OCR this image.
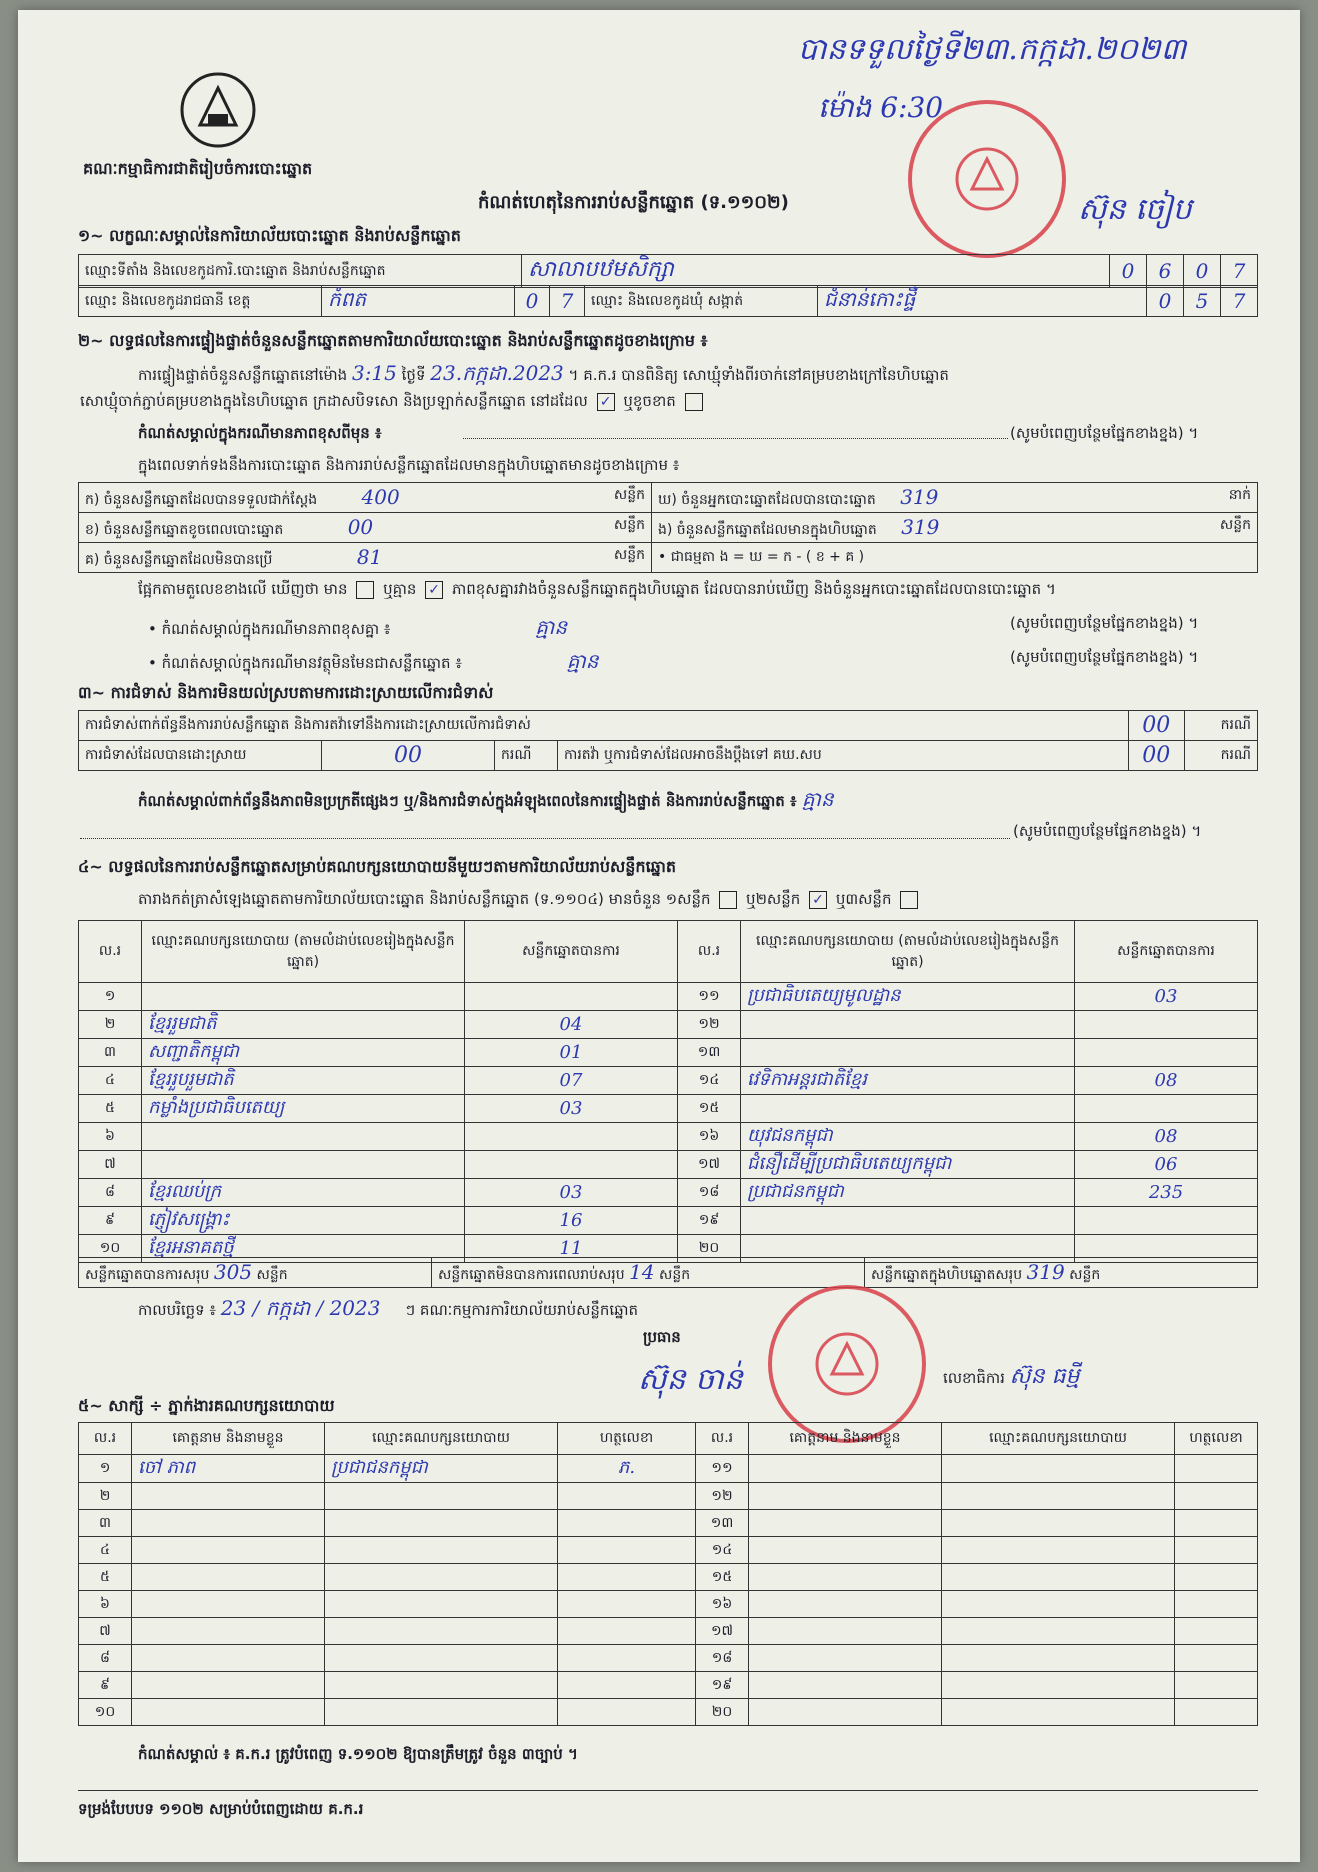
បានទទួលថ្ងៃទី២៣.កក្កដា.២០២៣
ម៉ោង 6:30
ស៊ុន ចៀប
គណៈកម្មាធិការជាតិរៀបចំការបោះឆ្នោត
កំណត់ហេតុនៃការរាប់សន្លឹកឆ្នោត (ទ.១១០២)
១~ លក្ខណៈសម្គាល់នៃការិយាល័យបោះឆ្នោត និងរាប់សន្លឹកឆ្នោត
ឈ្មោះទីតាំង និងលេខកូដការិ.បោះឆ្នោត និងរាប់សន្លឹកឆ្នោត	សាលាបឋមសិក្សា	0	6	0	7
ឈ្មោះ និងលេខកូដរាជធានី ខេត្ត	កំពត	0	7	ឈ្មោះ និងលេខកូដឃុំ សង្កាត់	ជំនាន់កោះផ្ទឺ	0	5	7
២~ លទ្ធផលនៃការផ្ទៀងផ្ទាត់ចំនួនសន្លឹកឆ្នោតតាមការិយាល័យបោះឆ្នោត និងរាប់សន្លឹកឆ្នោតដូចខាងក្រោម ៖
ការផ្ទៀងផ្ទាត់ចំនួនសន្លឹកឆ្នោតនៅម៉ោង 3:15 ថ្ងៃទី 23.កក្កដា.2023 ។ គ.ក.រ បានពិនិត្យ សោឃ្មុំទាំងពីរចាក់នៅគម្របខាងក្រៅនៃហិបឆ្នោត
សោឃ្មុំចាក់ភ្ជាប់គម្របខាងក្នុងនៃហិបឆ្នោត ក្រដាសបិទសោ និងប្រឡាក់សន្លឹកឆ្នោត នៅដដែល ✓ ឬខូចខាត
កំណត់សម្គាល់ក្នុងករណីមានភាពខុសពីមុន ៖	(សូមបំពេញបន្ថែមផ្នែកខាងខ្នង) ។
ក្នុងពេលទាក់ទងនឹងការបោះឆ្នោត និងការរាប់សន្លឹកឆ្នោតដែលមានក្នុងហិបឆ្នោតមានដូចខាងក្រោម ៖
ក) ចំនួនសន្លឹកឆ្នោតដែលបានទទួលជាក់ស្តែង 400 សន្លឹក	ឃ) ចំនួនអ្នកបោះឆ្នោតដែលបានបោះឆ្នោត 319 នាក់

ខ) ចំនួនសន្លឹកឆ្នោតខូចពេលបោះឆ្នោត 00 សន្លឹក	ង) ចំនួនសន្លឹកឆ្នោតដែលមានក្នុងហិបឆ្នោត 319 សន្លឹក

គ) ចំនួនសន្លឹកឆ្នោតដែលមិនបានប្រើ 81 សន្លឹក	• ជាធម្មតា ង = ឃ = ក - ( ខ + គ )
ផ្អែកតាមតួលេខខាងលើ ឃើញថា មាន ឬគ្មាន ✓ ភាពខុសគ្នារវាងចំនួនសន្លឹកឆ្នោតក្នុងហិបឆ្នោត ដែលបានរាប់ឃើញ និងចំនួនអ្នកបោះឆ្នោតដែលបានបោះឆ្នោត ។
• កំណត់សម្គាល់ក្នុងករណីមានភាពខុសគ្នា ៖	គ្មាន	(សូមបំពេញបន្ថែមផ្នែកខាងខ្នង) ។
• កំណត់សម្គាល់ក្នុងករណីមានវត្ថុមិនមែនជាសន្លឹកឆ្នោត ៖	គ្មាន	(សូមបំពេញបន្ថែមផ្នែកខាងខ្នង) ។
៣~ ការជំទាស់ និងការមិនយល់ស្របតាមការដោះស្រាយលើការជំទាស់
ការជំទាស់ពាក់ព័ន្ធនឹងការរាប់សន្លឹកឆ្នោត និងការតវ៉ាទៅនឹងការដោះស្រាយលើការជំទាស់				00	ករណី
ការជំទាស់ដែលបានដោះស្រាយ	00	ករណី	ការតវ៉ា ឬការជំទាស់ដែលអាចនឹងប្តឹងទៅ គឃ.សប	00	ករណី
កំណត់សម្គាល់ពាក់ព័ន្ធនឹងភាពមិនប្រក្រតីផ្សេងៗ ឬ/និងការជំទាស់ក្នុងអំឡុងពេលនៃការផ្ទៀងផ្ទាត់ និងការរាប់សន្លឹកឆ្នោត ៖ គ្មាន
(សូមបំពេញបន្ថែមផ្នែកខាងខ្នង) ។
៤~ លទ្ធផលនៃការរាប់សន្លឹកឆ្នោតសម្រាប់គណបក្សនយោបាយនីមួយៗតាមការិយាល័យរាប់សន្លឹកឆ្នោត
តារាងកត់ត្រាសំឡេងឆ្នោតតាមការិយាល័យបោះឆ្នោត និងរាប់សន្លឹកឆ្នោត (ទ.១១០៤) មានចំនួន ១សន្លឹក ឬ២សន្លឹក ✓ ឬ៣សន្លឹក
ល.រ	ឈ្មោះគណបក្សនយោបាយ (តាមលំដាប់លេខរៀងក្នុងសន្លឹកឆ្នោត)	សន្លឹកឆ្នោតបានការ	ល.រ	ឈ្មោះគណបក្សនយោបាយ (តាមលំដាប់លេខរៀងក្នុងសន្លឹកឆ្នោត)	សន្លឹកឆ្នោតបានការ
១			១១	ប្រជាធិបតេយ្យមូលដ្ឋាន	03
២	ខ្មែររួមជាតិ	04	១២		
៣	សញ្ជាតិកម្ពុជា	01	១៣		
៤	ខ្មែររួបរួមជាតិ	07	១៤	វេទិកាអន្តរជាតិខ្មែរ	08
៥	កម្លាំងប្រជាធិបតេយ្យ	03	១៥		
៦			១៦	យុវជនកម្ពុជា	08
៧			១៧	ជំនឿដើម្បីប្រជាធិបតេយ្យកម្ពុជា	06
៨	ខ្មែរឈប់ក្រ	03	១៨	ប្រជាជនកម្ពុជា	235
៩	ភ្ញៀវសង្គ្រោះ	16	១៩		
១០	ខ្មែរអនាគតថ្មី	11	២០		
សន្លឹកឆ្នោតបានការសរុប 305 សន្លឹក	សន្លឹកឆ្នោតមិនបានការពេលរាប់សរុប 14 សន្លឹក	សន្លឹកឆ្នោតក្នុងហិបឆ្នោតសរុប 319 សន្លឹក
កាលបរិច្ឆេទ ៖ 23 / កក្កដា / 2023 ៗ គណៈកម្មការការិយាល័យរាប់សន្លឹកឆ្នោត
ប្រធាន
ស៊ុន ចាន់	លេខាធិការ ស៊ុន ធម្មី
៥~ សាក្សី ÷ ភ្នាក់ងារគណបក្សនយោបាយ
ល.រ	គោត្តនាម និងនាមខ្លួន	ឈ្មោះគណបក្សនយោបាយ	ហត្ថលេខា	ល.រ	គោត្តនាម និងនាមខ្លួន	ឈ្មោះគណបក្សនយោបាយ	ហត្ថលេខា
១	ចៅ ភាព	ប្រជាជនកម្ពុជា	ភ.	១១			
២				១២			
៣				១៣			
៤				១៤			
៥				១៥			
៦				១៦			
៧				១៧			
៨				១៨			
៩				១៩			
១០				២០			
កំណត់សម្គាល់ ៖ គ.ក.រ ត្រូវបំពេញ ទ.១១០២ ឱ្យបានត្រឹមត្រូវ ចំនួន ៣ច្បាប់ ។
ទម្រង់បែបបទ ១១០២ សម្រាប់បំពេញដោយ គ.ក.រ
